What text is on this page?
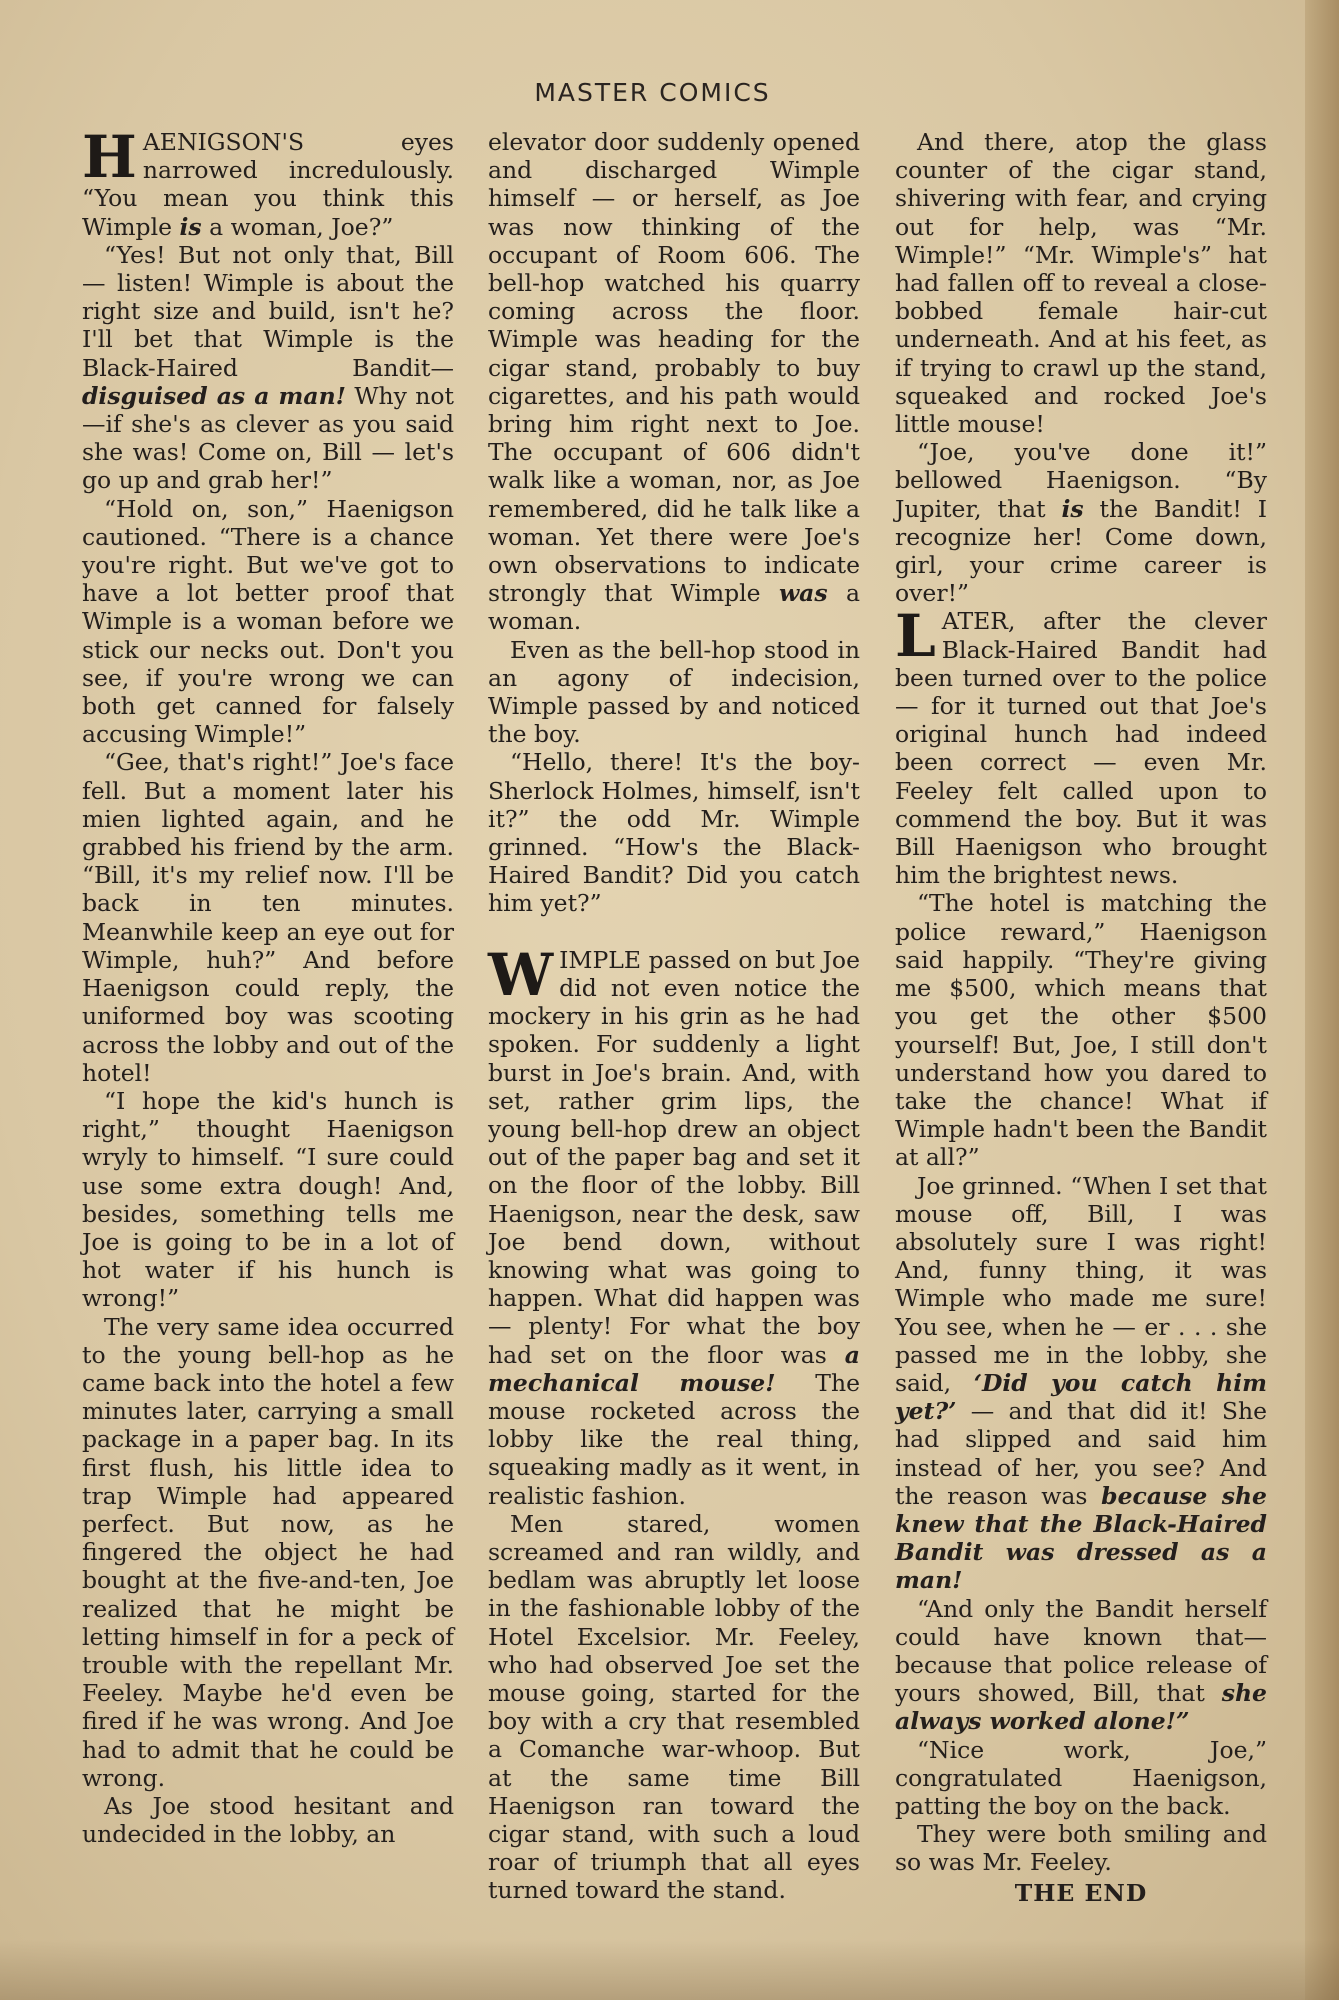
MASTER COMICS

HAENIGSON'S eyes narrowed incredulously. “You mean you think this Wimple is a woman, Joe?”

“Yes! But not only that, Bill — listen! Wimple is about the right size and build, isn't he? I'll bet that Wimple is the Black-Haired Bandit—disguised as a man! Why not —if she's as clever as you said she was! Come on, Bill — let's go up and grab her!”

“Hold on, son,” Haenigson cautioned. “There is a chance you're right. But we've got to have a lot better proof that Wimple is a woman before we stick our necks out. Don't you see, if you're wrong we can both get canned for falsely accusing Wimple!”

“Gee, that's right!” Joe's face fell. But a moment later his mien lighted again, and he grabbed his friend by the arm. “Bill, it's my relief now. I'll be back in ten minutes. Meanwhile keep an eye out for Wimple, huh?” And before Haenigson could reply, the uniformed boy was scooting across the lobby and out of the hotel!

“I hope the kid's hunch is right,” thought Haenigson wryly to himself. “I sure could use some extra dough! And, besides, something tells me Joe is going to be in a lot of hot water if his hunch is wrong!”

The very same idea occurred to the young bell-hop as he came back into the hotel a few minutes later, carrying a small package in a paper bag. In its first flush, his little idea to trap Wimple had appeared perfect. But now, as he fingered the object he had bought at the five-and-ten, Joe realized that he might be letting himself in for a peck of trouble with the repellant Mr. Feeley. Maybe he'd even be fired if he was wrong. And Joe had to admit that he could be wrong.

As Joe stood hesitant and undecided in the lobby, an

elevator door suddenly opened and discharged Wimple himself — or herself, as Joe was now thinking of the occupant of Room 606. The bell-hop watched his quarry coming across the floor. Wimple was heading for the cigar stand, probably to buy cigarettes, and his path would bring him right next to Joe. The occupant of 606 didn't walk like a woman, nor, as Joe remembered, did he talk like a woman. Yet there were Joe's own observations to indicate strongly that Wimple was a woman.

Even as the bell-hop stood in an agony of indecision, Wimple passed by and noticed the boy.

“Hello, there! It's the boy-Sherlock Holmes, himself, isn't it?” the odd Mr. Wimple grinned. “How's the Black-Haired Bandit? Did you catch him yet?”

WIMPLE passed on but Joe did not even notice the mockery in his grin as he had spoken. For suddenly a light burst in Joe's brain. And, with set, rather grim lips, the young bell-hop drew an object out of the paper bag and set it on the floor of the lobby. Bill Haenigson, near the desk, saw Joe bend down, without knowing what was going to happen. What did happen was — plenty! For what the boy had set on the floor was a mechanical mouse! The mouse rocketed across the lobby like the real thing, squeaking madly as it went, in realistic fashion.

Men stared, women screamed and ran wildly, and bedlam was abruptly let loose in the fashionable lobby of the Hotel Excelsior. Mr. Feeley, who had observed Joe set the mouse going, started for the boy with a cry that resembled a Comanche war-whoop. But at the same time Bill Haenigson ran toward the cigar stand, with such a loud roar of triumph that all eyes turned toward the stand.

And there, atop the glass counter of the cigar stand, shivering with fear, and crying out for help, was “Mr. Wimple!” “Mr. Wimple's” hat had fallen off to reveal a close-bobbed female hair-cut underneath. And at his feet, as if trying to crawl up the stand, squeaked and rocked Joe's little mouse!

“Joe, you've done it!” bellowed Haenigson. “By Jupiter, that is the Bandit! I recognize her! Come down, girl, your crime career is over!”

LATER, after the clever Black-Haired Bandit had been turned over to the police — for it turned out that Joe's original hunch had indeed been correct — even Mr. Feeley felt called upon to commend the boy. But it was Bill Haenigson who brought him the brightest news.

“The hotel is matching the police reward,” Haenigson said happily. “They're giving me $500, which means that you get the other $500 yourself! But, Joe, I still don't understand how you dared to take the chance! What if Wimple hadn't been the Bandit at all?”

Joe grinned. “When I set that mouse off, Bill, I was absolutely sure I was right! And, funny thing, it was Wimple who made me sure! You see, when he — er . . . she passed me in the lobby, she said, ‘Did you catch him yet?’ — and that did it! She had slipped and said him instead of her, you see? And the reason was because she knew that the Black-Haired Bandit was dressed as a man!

“And only the Bandit herself could have known that—because that police release of yours showed, Bill, that she always worked alone!”

“Nice work, Joe,” congratulated Haenigson, patting the boy on the back.

They were both smiling and so was Mr. Feeley.

THE END
